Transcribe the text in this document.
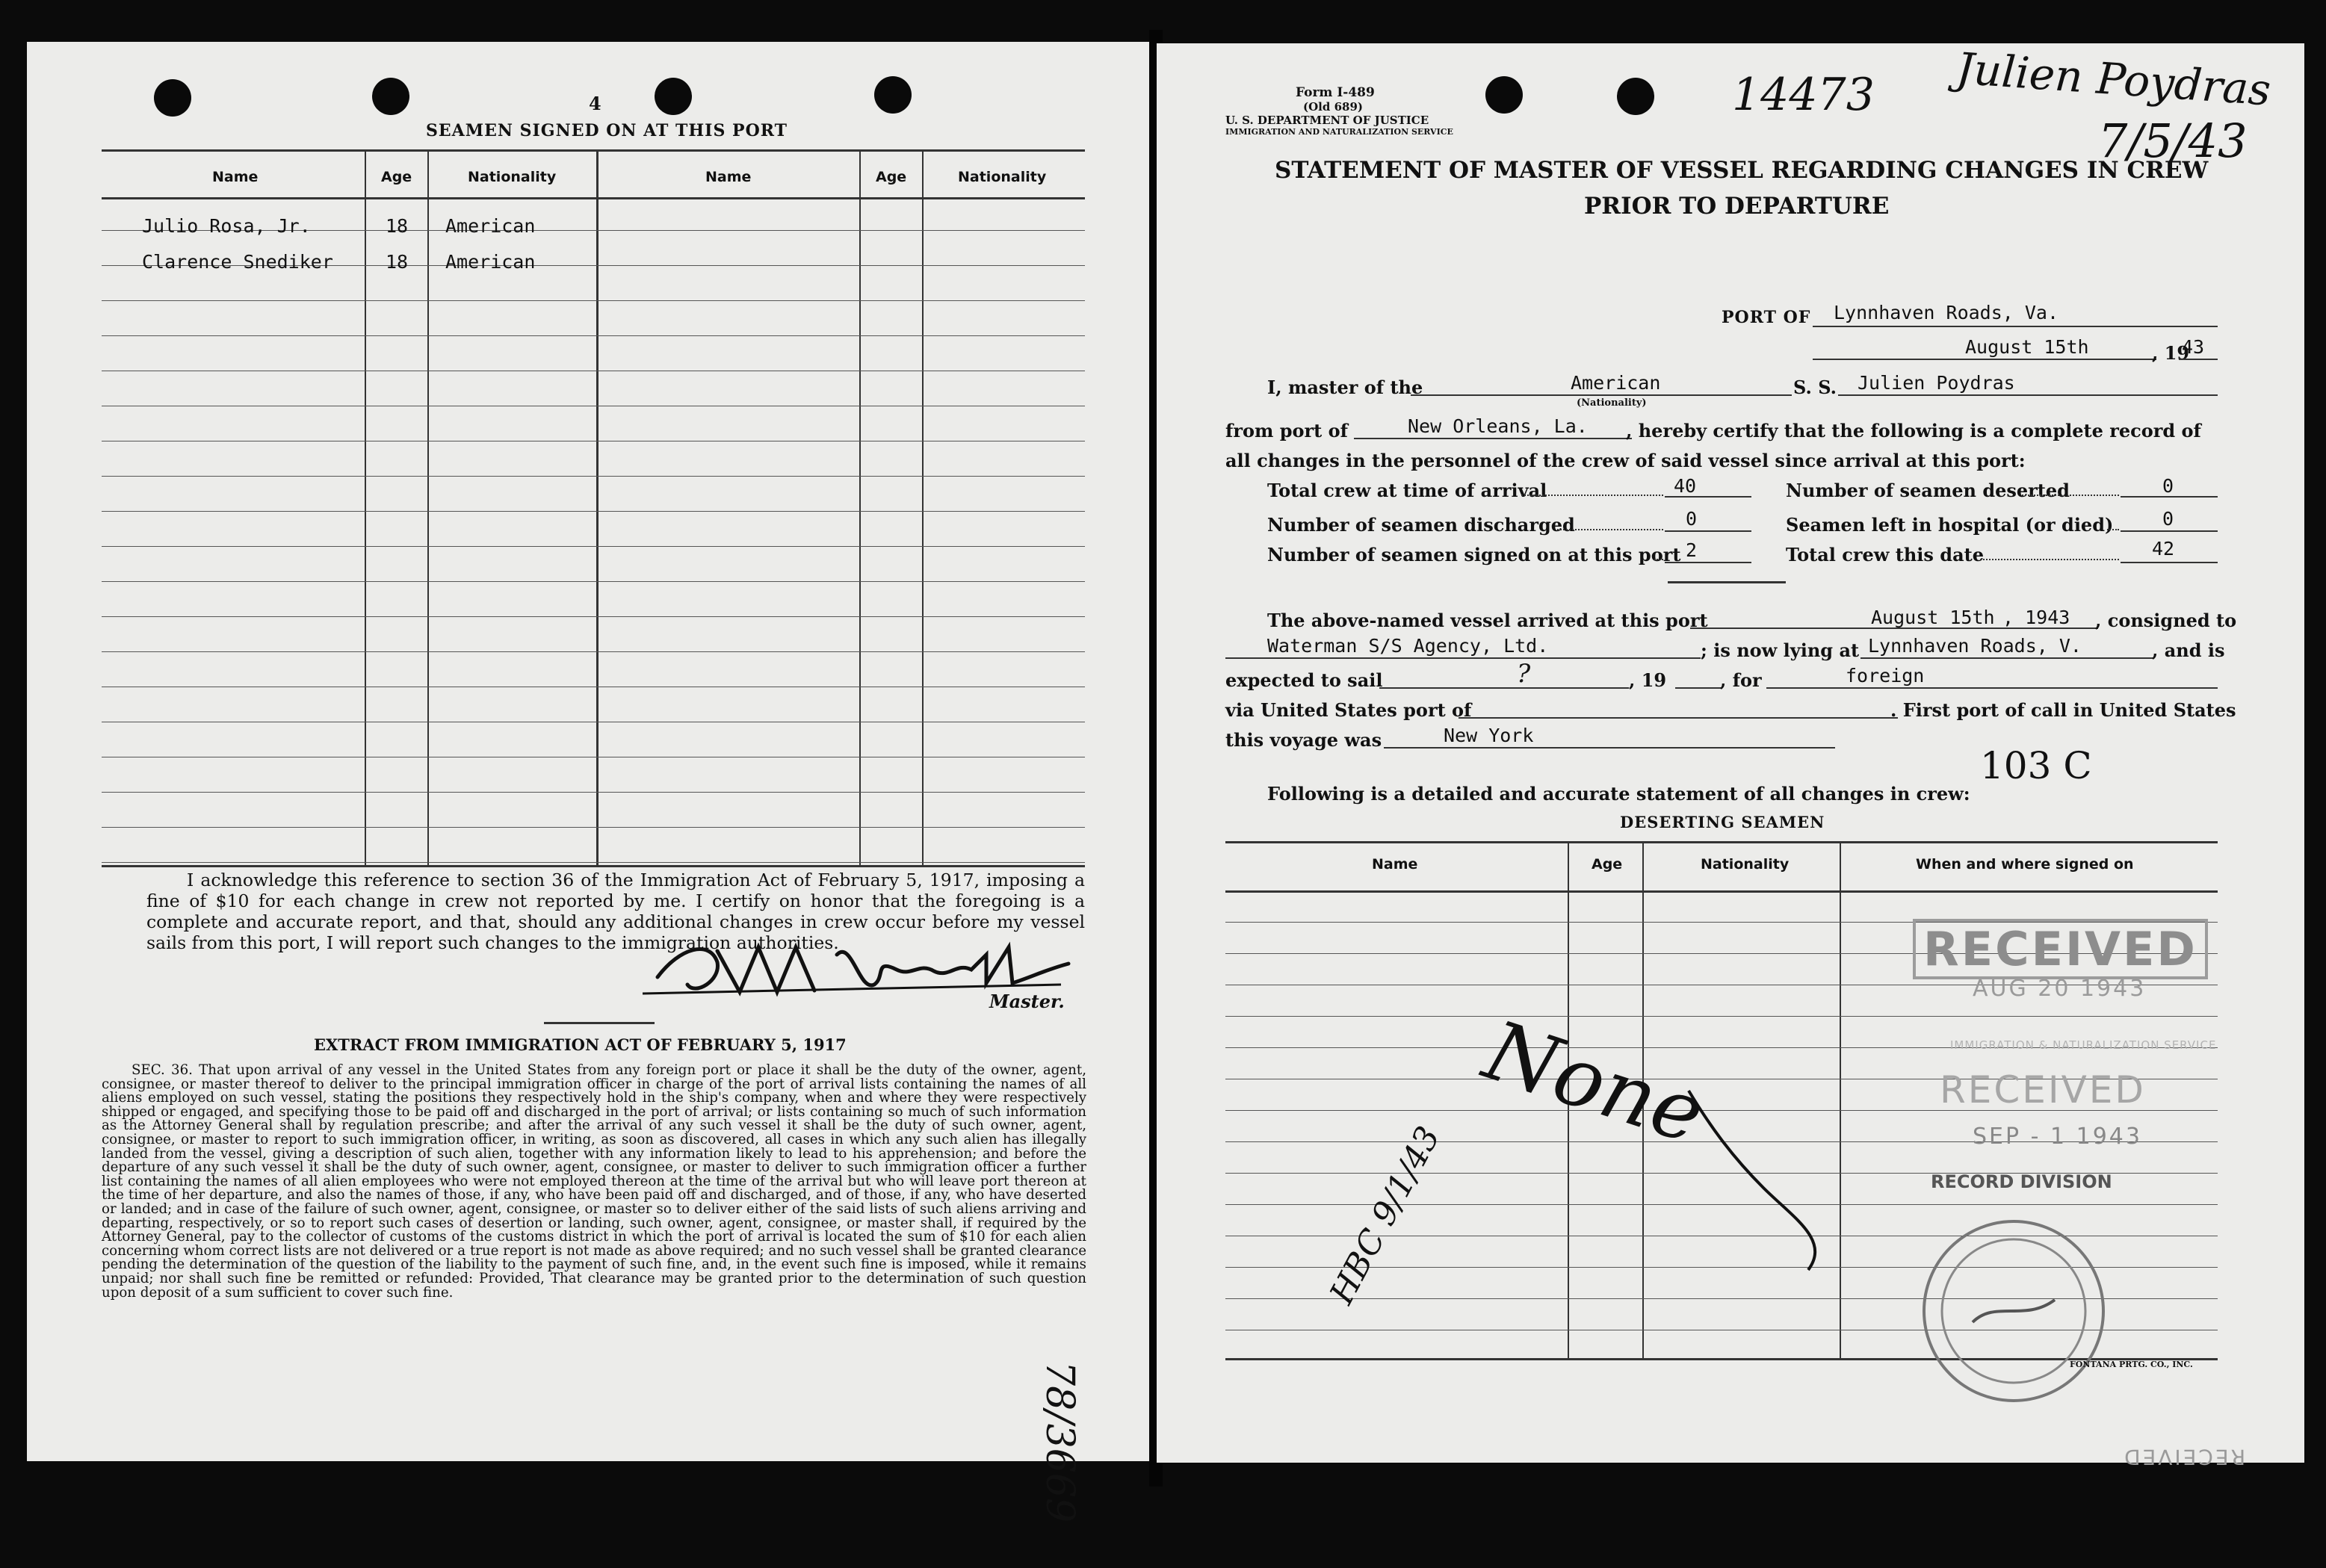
4
SEAMEN SIGNED ON AT THIS PORT
Name	Age	Nationality	Name	Age	Nationality
Julio Rosa, Jr.	18 American
Clarence Snediker	18 American
I acknowledge this reference to section 36 of the Immigration Act of February 5, 1917, imposing a fine of $10 for each change in crew not reported by me. I certify on honor that the foregoing is a complete and accurate report, and that, should any additional changes in crew occur before my vessel sails from this port, I will report such changes to the immigration authorities.
Master.
EXTRACT FROM IMMIGRATION ACT OF FEBRUARY 5, 1917
SEC. 36. That upon arrival of any vessel in the United States from any foreign port or place it shall be the duty of the owner, agent, consignee, or master thereof to deliver to the principal immigration officer in charge of the port of arrival lists containing the names of all aliens employed on such vessel, stating the positions they respectively hold in the ship's company, when and where they were respectively shipped or engaged, and specifying those to be paid off and discharged in the port of arrival; or lists containing so much of such information as the Attorney General shall by regulation prescribe; and after the arrival of any such vessel it shall be the duty of such owner, agent, consignee, or master to report to such immigration officer, in writing, as soon as discovered, all cases in which any such alien has illegally landed from the vessel, giving a description of such alien, together with any information likely to lead to his apprehension; and before the departure of any such vessel it shall be the duty of such owner, agent, consignee, or master to deliver to such immigration officer a further list containing the names of all alien employees who were not employed thereon at the time of the arrival but who will leave port thereon at the time of her departure, and also the names of those, if any, who have been paid off and discharged, and of those, if any, who have deserted or landed; and in case of the failure of such owner, agent, consignee, or master so to deliver either of the said lists of such aliens arriving and departing, respectively, or so to report such cases of desertion or landing, such owner, agent, consignee, or master shall, if required by the Attorney General, pay to the collector of customs of the customs district in which the port of arrival is located the sum of $10 for each alien concerning whom correct lists are not delivered or a true report is not made as above required; and no such vessel shall be granted clearance pending the determination of the question of the liability to the payment of such fine, and, in the event such fine is imposed, while it remains unpaid; nor shall such fine be remitted or refunded: Provided, That clearance may be granted prior to the determination of such question upon deposit of a sum sufficient to cover such fine.
78/3669
Form I-489
(Old 689)
U. S. DEPARTMENT OF JUSTICE
IMMIGRATION AND NATURALIZATION SERVICE
14473 Julien Poydras
7/5/43
STATEMENT OF MASTER OF VESSEL REGARDING CHANGES IN CREW
PRIOR TO DEPARTURE
PORT OF Lynnhaven Roads, Va.
August 15th	, 19
43
I, master of the	American
(Nationality)
S. S. Julien Poydras
from port of	New Orleans, La. , hereby certify that the following is a complete record of
all changes in the personnel of the crew of said vessel since arrival at this port:
Total crew at time of arrival	40	Number of seamen deserted	0
Number of seamen discharged	0	Seamen left in hospital (or died)	0
Number of seamen signed on at this port 2	Total crew this date	42
The above-named vessel arrived at this port	August 15th , 1943 , consigned to
Waterman S/S Agency, Ltd.	; is now lying at Lynnhaven Roads, V.	, and is
expected to sail	?	, 19	, for	foreign
via United States port of	. First port of call in United States
this voyage was	New York
103 C
Following is a detailed and accurate statement of all changes in crew:
DESERTING SEAMEN
Name	Age	Nationality	When and where signed on
None
HBC 9/1/43
RECEIVED
AUG 20 1943
IMMIGRATION & NATURALIZATION SERVICE
RECEIVED
SEP - 1 1943
RECORD DIVISION
RECEIVED
FONTANA PRTG. CO., INC.
